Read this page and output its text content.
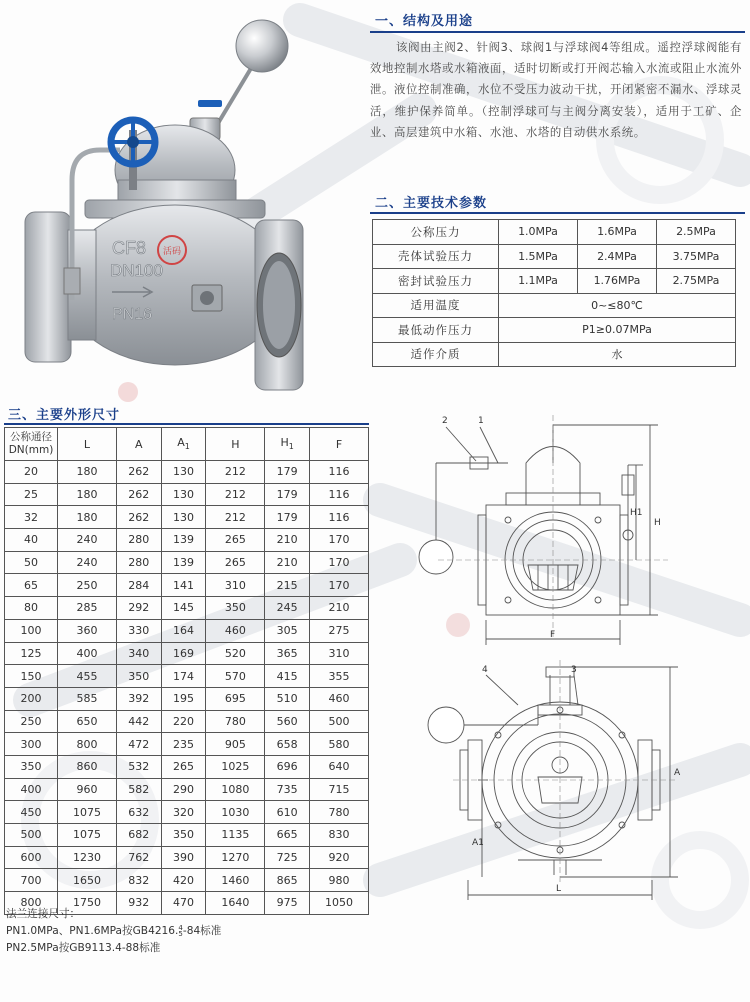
活码
CF8
DN100
PN16
一、结构及用途
该阀由主阀2、针阀3、球阀1与浮球阀4等组成。遥控浮球阀能有效地控制水塔或水箱液面，适时切断或打开阀芯输入水流或阻止水流外泄。液位控制准确，水位不受压力波动干扰，开闭紧密不漏水、浮球灵活，维护保养简单。（控制浮球可与主阀分离安装），适用于工矿、企业、高层建筑中水箱、水池、水塔的自动供水系统。
二、主要技术参数
公称压力	1.0MPa	1.6MPa	2.5MPa
壳体试验压力	1.5MPa	2.4MPa	3.75MPa
密封试验压力	1.1MPa	1.76MPa	2.75MPa
适用温度	0~≤80℃		
最低动作压力	P1≥0.07MPa		
适作介质	水		
三、主要外形尺寸
公称通径
DN(mm)	L	A	$A_1$	H	$H_1$	F
20	180	262	130	212	179	116
25	180	262	130	212	179	116
32	180	262	130	212	179	116
40	240	280	139	265	210	170
50	240	280	139	265	210	170
65	250	284	141	310	215	170
80	285	292	145	350	245	210
100	360	330	164	460	305	275
125	400	340	169	520	365	310
150	455	350	174	570	415	355
200	585	392	195	695	510	460
250	650	442	220	780	560	500
300	800	472	235	905	658	580
350	860	532	265	1025	696	640
400	960	582	290	1080	735	715
450	1075	632	320	1030	610	780
500	1075	682	350	1135	665	830
600	1230	762	390	1270	725	920
700	1650	832	420	1460	865	980
800	1750	932	470	1640	975	1050
法兰连接尺寸：
PN1.0MPa、PN1.6MPa按GB4216.4
5-84标准
PN2.5MPa按GB9113.4-88标准
1
2
3
4
H1
H
F
A
A1
L
